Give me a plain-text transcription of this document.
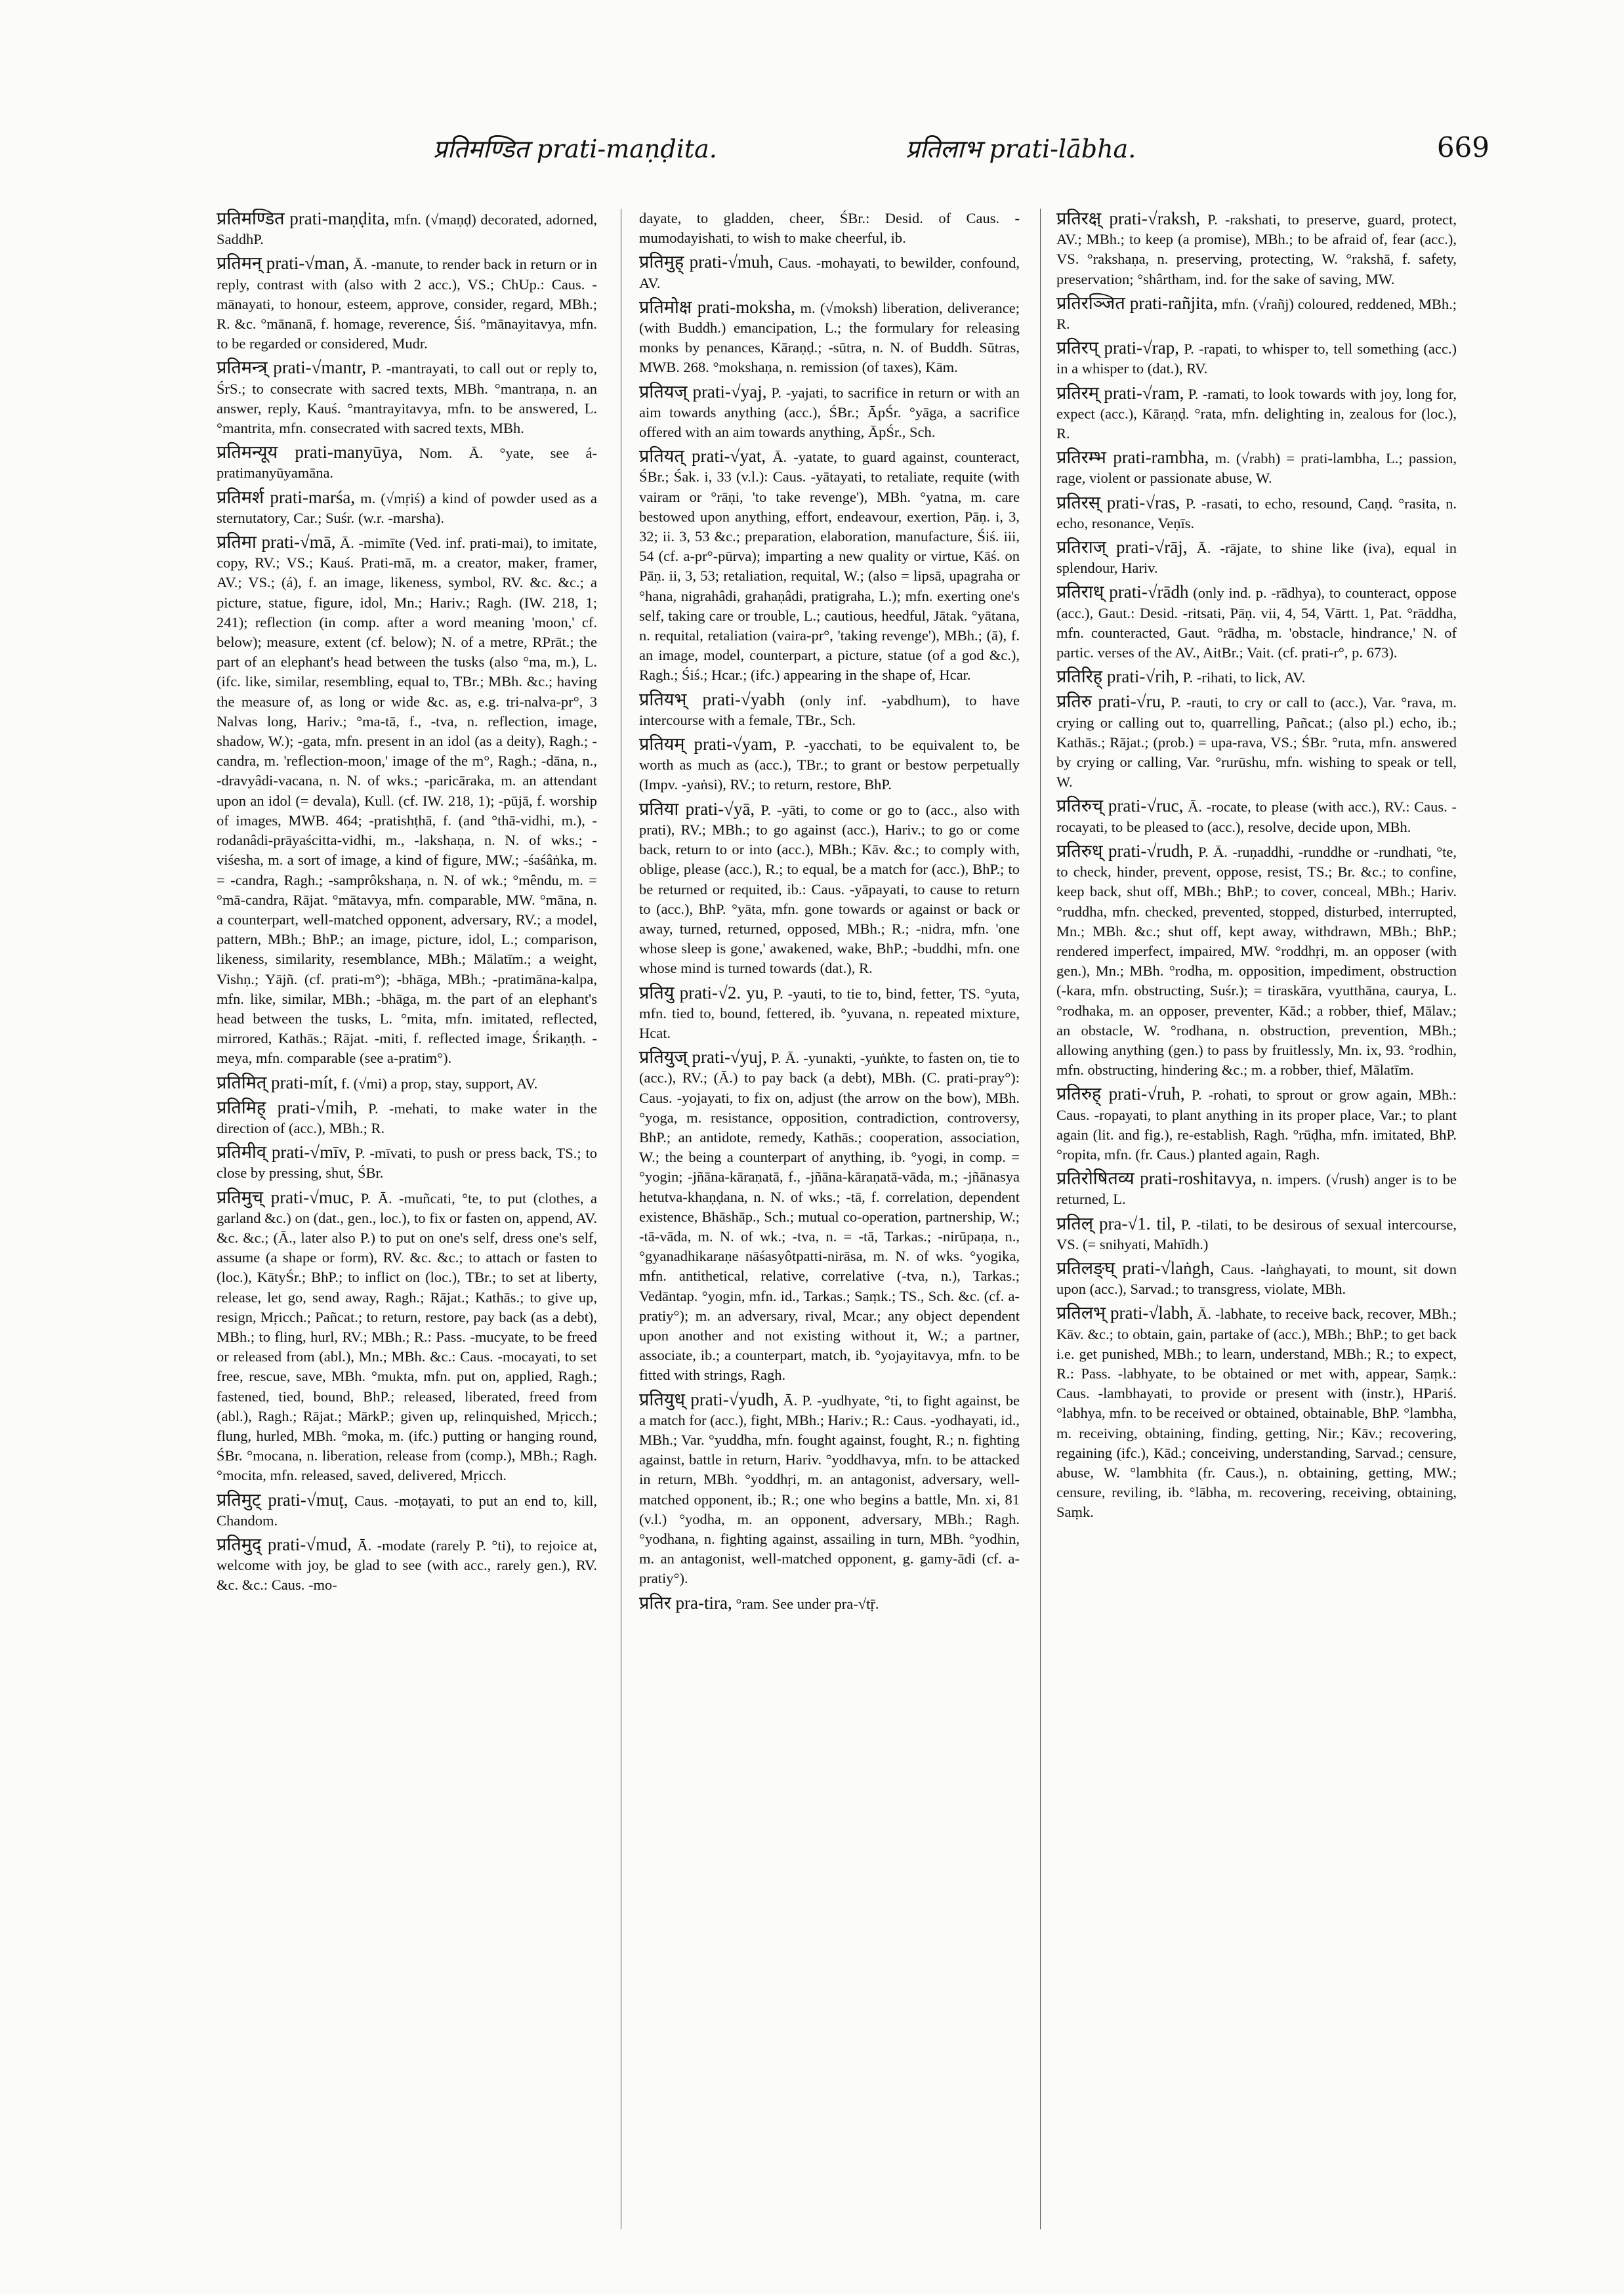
प्रतिमण्डित prati-maṇḍita.	प्रतिलाभ prati-lābha.	669

प्रतिमण्डित prati-maṇḍita, mfn. (√maṇḍ) decorated, adorned, SaddhP.

प्रतिमन् prati-√man, Ā. -manute, to render back in return or in reply, contrast with (also with 2 acc.), VS.; ChUp.: Caus. -mānayati, to honour, esteem, approve, consider, regard, MBh.; R. &c. °mānanā, f. homage, reverence, Śiś. °mānayitavya, mfn. to be regarded or considered, Mudr.

प्रतिमन्त्र् prati-√mantr, P. -mantrayati, to call out or reply to, ŚrS.; to consecrate with sacred texts, MBh. °mantraṇa, n. an answer, reply, Kauś. °mantrayitavya, mfn. to be answered, L. °mantrita, mfn. consecrated with sacred texts, MBh.

प्रतिमन्यूय prati-manyūya, Nom. Ā. °yate, see á-pratimanyūyamāna.

प्रतिमर्श prati-marśa, m. (√mṛiś) a kind of powder used as a sternutatory, Car.; Suśr. (w.r. -marsha).

प्रतिमा prati-√mā, Ā. -mimīte (Ved. inf. prati-mai), to imitate, copy, RV.; VS.; Kauś. Prati-mā, m. a creator, maker, framer, AV.; VS.; (á), f. an image, likeness, symbol, RV. &c. &c.; a picture, statue, figure, idol, Mn.; Hariv.; Ragh. (IW. 218, 1; 241); reflection (in comp. after a word meaning 'moon,' cf. below); measure, extent (cf. below); N. of a metre, RPrāt.; the part of an elephant's head between the tusks (also °ma, m.), L. (ifc. like, similar, resembling, equal to, TBr.; MBh. &c.; having the measure of, as long or wide &c. as, e.g. tri-nalva-pr°, 3 Nalvas long, Hariv.; °ma-tā, f., -tva, n. reflection, image, shadow, W.); -gata, mfn. present in an idol (as a deity), Ragh.; -candra, m. 'reflection-moon,' image of the m°, Ragh.; -dāna, n., -dravyâdi-vacana, n. N. of wks.; -paricāraka, m. an attendant upon an idol (= devala), Kull. (cf. IW. 218, 1); -pūjā, f. worship of images, MWB. 464; -pratishṭhā, f. (and °thā-vidhi, m.), -rodanâdi-prāyaścitta-vidhi, m., -lakshaṇa, n. N. of wks.; -viśesha, m. a sort of image, a kind of figure, MW.; -śaśâṅka, m. = -candra, Ragh.; -samprôkshaṇa, n. N. of wk.; °mêndu, m. = °mā-candra, Rājat. °mātavya, mfn. comparable, MW. °māna, n. a counterpart, well-matched opponent, adversary, RV.; a model, pattern, MBh.; BhP.; an image, picture, idol, L.; comparison, likeness, similarity, resemblance, MBh.; Mālatīm.; a weight, Vishṇ.; Yājñ. (cf. prati-m°); -bhāga, MBh.; -pratimāna-kalpa, mfn. like, similar, MBh.; -bhāga, m. the part of an elephant's head between the tusks, L. °mita, mfn. imitated, reflected, mirrored, Kathās.; Rājat. -miti, f. reflected image, Śrikaṇṭh. -meya, mfn. comparable (see a-pratim°).

प्रतिमित् prati-mít, f. (√mi) a prop, stay, support, AV.

प्रतिमिह् prati-√mih, P. -mehati, to make water in the direction of (acc.), MBh.; R.

प्रतिमीव् prati-√mīv, P. -mīvati, to push or press back, TS.; to close by pressing, shut, ŚBr.

प्रतिमुच् prati-√muc, P. Ā. -muñcati, °te, to put (clothes, a garland &c.) on (dat., gen., loc.), to fix or fasten on, append, AV. &c. &c.; (Ā., later also P.) to put on one's self, dress one's self, assume (a shape or form), RV. &c. &c.; to attach or fasten to (loc.), KātyŚr.; BhP.; to inflict on (loc.), TBr.; to set at liberty, release, let go, send away, Ragh.; Rājat.; Kathās.; to give up, resign, Mṛicch.; Pañcat.; to return, restore, pay back (as a debt), MBh.; to fling, hurl, RV.; MBh.; R.: Pass. -mucyate, to be freed or released from (abl.), Mn.; MBh. &c.: Caus. -mocayati, to set free, rescue, save, MBh. °mukta, mfn. put on, applied, Ragh.; fastened, tied, bound, BhP.; released, liberated, freed from (abl.), Ragh.; Rājat.; MārkP.; given up, relinquished, Mṛicch.; flung, hurled, MBh. °moka, m. (ifc.) putting or hanging round, ŚBr. °mocana, n. liberation, release from (comp.), MBh.; Ragh. °mocita, mfn. released, saved, delivered, Mṛicch.

प्रतिमुट् prati-√muṭ, Caus. -moṭayati, to put an end to, kill, Chandom.

प्रतिमुद् prati-√mud, Ā. -modate (rarely P. °ti), to rejoice at, welcome with joy, be glad to see (with acc., rarely gen.), RV. &c. &c.: Caus. -mo-

dayate, to gladden, cheer, ŚBr.: Desid. of Caus. -mumodayishati, to wish to make cheerful, ib.

प्रतिमुह् prati-√muh, Caus. -mohayati, to bewilder, confound, AV.

प्रतिमोक्ष prati-moksha, m. (√moksh) liberation, deliverance; (with Buddh.) emancipation, L.; the formulary for releasing monks by penances, Kāraṇḍ.; -sūtra, n. N. of Buddh. Sūtras, MWB. 268. °mokshaṇa, n. remission (of taxes), Kām.

प्रतियज् prati-√yaj, P. -yajati, to sacrifice in return or with an aim towards anything (acc.), ŚBr.; ĀpŚr. °yāga, a sacrifice offered with an aim towards anything, ĀpŚr., Sch.

प्रतियत् prati-√yat, Ā. -yatate, to guard against, counteract, ŚBr.; Śak. i, 33 (v.l.): Caus. -yātayati, to retaliate, requite (with vairam or °rāṇi, 'to take revenge'), MBh. °yatna, m. care bestowed upon anything, effort, endeavour, exertion, Pāṇ. i, 3, 32; ii. 3, 53 &c.; preparation, elaboration, manufacture, Śiś. iii, 54 (cf. a-pr°-pūrva); imparting a new quality or virtue, Kāś. on Pāṇ. ii, 3, 53; retaliation, requital, W.; (also = lipsā, upagraha or °hana, nigrahâdi, grahaṇâdi, pratigraha, L.); mfn. exerting one's self, taking care or trouble, L.; cautious, heedful, Jātak. °yātana, n. requital, retaliation (vaira-pr°, 'taking revenge'), MBh.; (ā), f. an image, model, counterpart, a picture, statue (of a god &c.), Ragh.; Śiś.; Hcar.; (ifc.) appearing in the shape of, Hcar.

प्रतियभ् prati-√yabh (only inf. -yabdhum), to have intercourse with a female, TBr., Sch.

प्रतियम् prati-√yam, P. -yacchati, to be equivalent to, be worth as much as (acc.), TBr.; to grant or bestow perpetually (Impv. -yaṅsi), RV.; to return, restore, BhP.

प्रतिया prati-√yā, P. -yāti, to come or go to (acc., also with prati), RV.; MBh.; to go against (acc.), Hariv.; to go or come back, return to or into (acc.), MBh.; Kāv. &c.; to comply with, oblige, please (acc.), R.; to equal, be a match for (acc.), BhP.; to be returned or requited, ib.: Caus. -yāpayati, to cause to return to (acc.), BhP. °yāta, mfn. gone towards or against or back or away, turned, returned, opposed, MBh.; R.; -nidra, mfn. 'one whose sleep is gone,' awakened, wake, BhP.; -buddhi, mfn. one whose mind is turned towards (dat.), R.

प्रतियु prati-√2. yu, P. -yauti, to tie to, bind, fetter, TS. °yuta, mfn. tied to, bound, fettered, ib. °yuvana, n. repeated mixture, Hcat.

प्रतियुज् prati-√yuj, P. Ā. -yunakti, -yuṅkte, to fasten on, tie to (acc.), RV.; (Ā.) to pay back (a debt), MBh. (C. prati-pray°): Caus. -yojayati, to fix on, adjust (the arrow on the bow), MBh. °yoga, m. resistance, opposition, contradiction, controversy, BhP.; an antidote, remedy, Kathās.; cooperation, association, W.; the being a counterpart of anything, ib. °yogi, in comp. = °yogin; -jñāna-kāraṇatā, f., -jñāna-kāraṇatā-vāda, m.; -jñānasya hetutva-khaṇḍana, n. N. of wks.; -tā, f. correlation, dependent existence, Bhāshāp., Sch.; mutual co-operation, partnership, W.; -tā-vāda, m. N. of wk.; -tva, n. = -tā, Tarkas.; -nirūpaṇa, n., °gyanadhikaraṇe nāśasyôtpatti-nirāsa, m. N. of wks. °yogika, mfn. antithetical, relative, correlative (-tva, n.), Tarkas.; Vedāntap. °yogin, mfn. id., Tarkas.; Saṃk.; TS., Sch. &c. (cf. a-pratiy°); m. an adversary, rival, Mcar.; any object dependent upon another and not existing without it, W.; a partner, associate, ib.; a counterpart, match, ib. °yojayitavya, mfn. to be fitted with strings, Ragh.

प्रतियुध् prati-√yudh, Ā. P. -yudhyate, °ti, to fight against, be a match for (acc.), fight, MBh.; Hariv.; R.: Caus. -yodhayati, id., MBh.; Var. °yuddha, mfn. fought against, fought, R.; n. fighting against, battle in return, Hariv. °yoddhavya, mfn. to be attacked in return, MBh. °yoddhṛi, m. an antagonist, adversary, well-matched opponent, ib.; R.; one who begins a battle, Mn. xi, 81 (v.l.) °yodha, m. an opponent, adversary, MBh.; Ragh. °yodhana, n. fighting against, assailing in turn, MBh. °yodhin, m. an antagonist, well-matched opponent, g. gamy-ādi (cf. a-pratiy°).

प्रतिर pra-tira, °ram. See under pra-√tṝ.

प्रतिरक्ष् prati-√raksh, P. -rakshati, to preserve, guard, protect, AV.; MBh.; to keep (a promise), MBh.; to be afraid of, fear (acc.), VS. °rakshaṇa, n. preserving, protecting, W. °rakshā, f. safety, preservation; °shârtham, ind. for the sake of saving, MW.

प्रतिरञ्जित prati-rañjita, mfn. (√rañj) coloured, reddened, MBh.; R.

प्रतिरप् prati-√rap, P. -rapati, to whisper to, tell something (acc.) in a whisper to (dat.), RV.

प्रतिरम् prati-√ram, P. -ramati, to look towards with joy, long for, expect (acc.), Kāraṇḍ. °rata, mfn. delighting in, zealous for (loc.), R.

प्रतिरम्भ prati-rambha, m. (√rabh) = prati-lambha, L.; passion, rage, violent or passionate abuse, W.

प्रतिरस् prati-√ras, P. -rasati, to echo, resound, Caṇḍ. °rasita, n. echo, resonance, Veṇīs.

प्रतिराज् prati-√rāj, Ā. -rājate, to shine like (iva), equal in splendour, Hariv.

प्रतिराध् prati-√rādh (only ind. p. -rādhya), to counteract, oppose (acc.), Gaut.: Desid. -ritsati, Pāṇ. vii, 4, 54, Vārtt. 1, Pat. °rāddha, mfn. counteracted, Gaut. °rādha, m. 'obstacle, hindrance,' N. of partic. verses of the AV., AitBr.; Vait. (cf. prati-r°, p. 673).

प्रतिरिह् prati-√rih, P. -rihati, to lick, AV.

प्रतिरु prati-√ru, P. -rauti, to cry or call to (acc.), Var. °rava, m. crying or calling out to, quarrelling, Pañcat.; (also pl.) echo, ib.; Kathās.; Rājat.; (prob.) = upa-rava, VS.; ŚBr. °ruta, mfn. answered by crying or calling, Var. °rurūshu, mfn. wishing to speak or tell, W.

प्रतिरुच् prati-√ruc, Ā. -rocate, to please (with acc.), RV.: Caus. -rocayati, to be pleased to (acc.), resolve, decide upon, MBh.

प्रतिरुध् prati-√rudh, P. Ā. -ruṇaddhi, -runddhe or -rundhati, °te, to check, hinder, prevent, oppose, resist, TS.; Br. &c.; to confine, keep back, shut off, MBh.; BhP.; to cover, conceal, MBh.; Hariv. °ruddha, mfn. checked, prevented, stopped, disturbed, interrupted, Mn.; MBh. &c.; shut off, kept away, withdrawn, MBh.; BhP.; rendered imperfect, impaired, MW. °roddhṛi, m. an opposer (with gen.), Mn.; MBh. °rodha, m. opposition, impediment, obstruction (-kara, mfn. obstructing, Suśr.); = tiraskāra, vyutthāna, caurya, L. °rodhaka, m. an opposer, preventer, Kād.; a robber, thief, Mālav.; an obstacle, W. °rodhana, n. obstruction, prevention, MBh.; allowing anything (gen.) to pass by fruitlessly, Mn. ix, 93. °rodhin, mfn. obstructing, hindering &c.; m. a robber, thief, Mālatīm.

प्रतिरुह् prati-√ruh, P. -rohati, to sprout or grow again, MBh.: Caus. -ropayati, to plant anything in its proper place, Var.; to plant again (lit. and fig.), re-establish, Ragh. °rūḍha, mfn. imitated, BhP. °ropita, mfn. (fr. Caus.) planted again, Ragh.

प्रतिरोषितव्य prati-roshitavya, n. impers. (√rush) anger is to be returned, L.

प्रतिल् pra-√1. til, P. -tilati, to be desirous of sexual intercourse, VS. (= snihyati, Mahīdh.)

प्रतिलङ्घ् prati-√laṅgh, Caus. -laṅghayati, to mount, sit down upon (acc.), Sarvad.; to transgress, violate, MBh.

प्रतिलभ् prati-√labh, Ā. -labhate, to receive back, recover, MBh.; Kāv. &c.; to obtain, gain, partake of (acc.), MBh.; BhP.; to get back i.e. get punished, MBh.; to learn, understand, MBh.; R.; to expect, R.: Pass. -labhyate, to be obtained or met with, appear, Saṃk.: Caus. -lambhayati, to provide or present with (instr.), HPariś. °labhya, mfn. to be received or obtained, obtainable, BhP. °lambha, m. receiving, obtaining, finding, getting, Nir.; Kāv.; recovering, regaining (ifc.), Kād.; conceiving, understanding, Sarvad.; censure, abuse, W. °lambhita (fr. Caus.), n. obtaining, getting, MW.; censure, reviling, ib. °lābha, m. recovering, receiving, obtaining, Saṃk.
